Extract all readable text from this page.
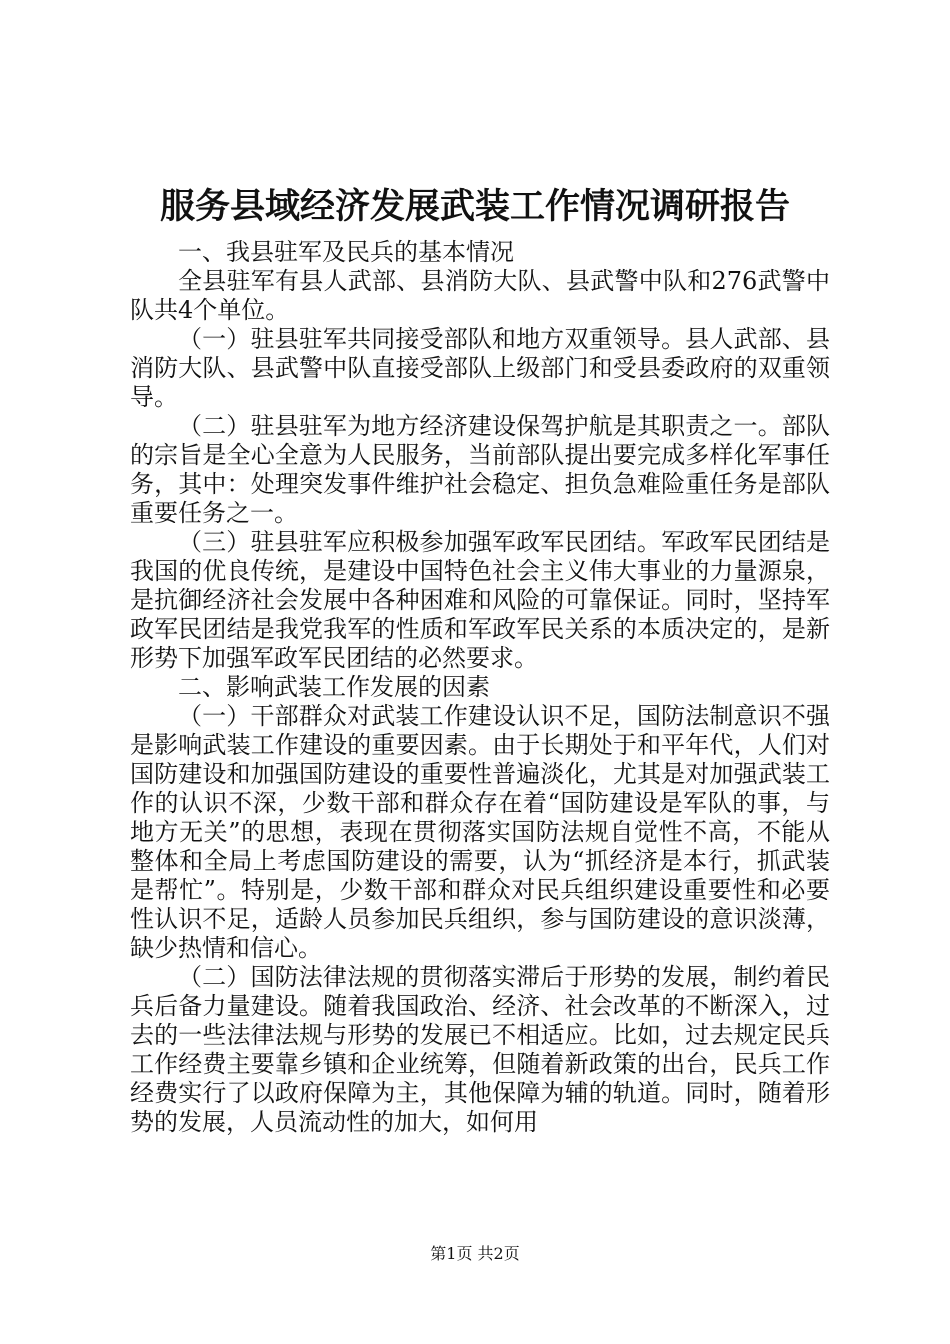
服务县域经济发展武装工作情况调研报告

一、我县驻军及民兵的基本情况

全县驻军有县人武部、县消防大队、县武警中队和276武警中队共4个单位。

（一）驻县驻军共同接受部队和地方双重领导。县人武部、县消防大队、县武警中队直接受部队上级部门和受县委政府的双重领导。

（二）驻县驻军为地方经济建设保驾护航是其职责之一。部队的宗旨是全心全意为人民服务，当前部队提出要完成多样化军事任务，其中：处理突发事件维护社会稳定、担负急难险重任务是部队重要任务之一。

（三）驻县驻军应积极参加强军政军民团结。军政军民团结是我国的优良传统，是建设中国特色社会主义伟大事业的力量源泉，是抗御经济社会发展中各种困难和风险的可靠保证。同时，坚持军政军民团结是我党我军的性质和军政军民关系的本质决定的，是新形势下加强军政军民团结的必然要求。

二、影响武装工作发展的因素

（一）干部群众对武装工作建设认识不足，国防法制意识不强是影响武装工作建设的重要因素。由于长期处于和平年代，人们对国防建设和加强国防建设的重要性普遍淡化，尤其是对加强武装工作的认识不深，少数干部和群众存在着“国防建设是军队的事，与地方无关”的思想，表现在贯彻落实国防法规自觉性不高，不能从整体和全局上考虑国防建设的需要，认为“抓经济是本行，抓武装是帮忙”。特别是，少数干部和群众对民兵组织建设重要性和必要性认识不足，适龄人员参加民兵组织，参与国防建设的意识淡薄，缺少热情和信心。

（二）国防法律法规的贯彻落实滞后于形势的发展，制约着民兵后备力量建设。随着我国政治、经济、社会改革的不断深入，过去的一些法律法规与形势的发展已不相适应。比如，过去规定民兵工作经费主要靠乡镇和企业统筹，但随着新政策的出台，民兵工作经费实行了以政府保障为主，其他保障为辅的轨道。同时，随着形势的发展，人员流动性的加大，如何用

第1页 共2页
